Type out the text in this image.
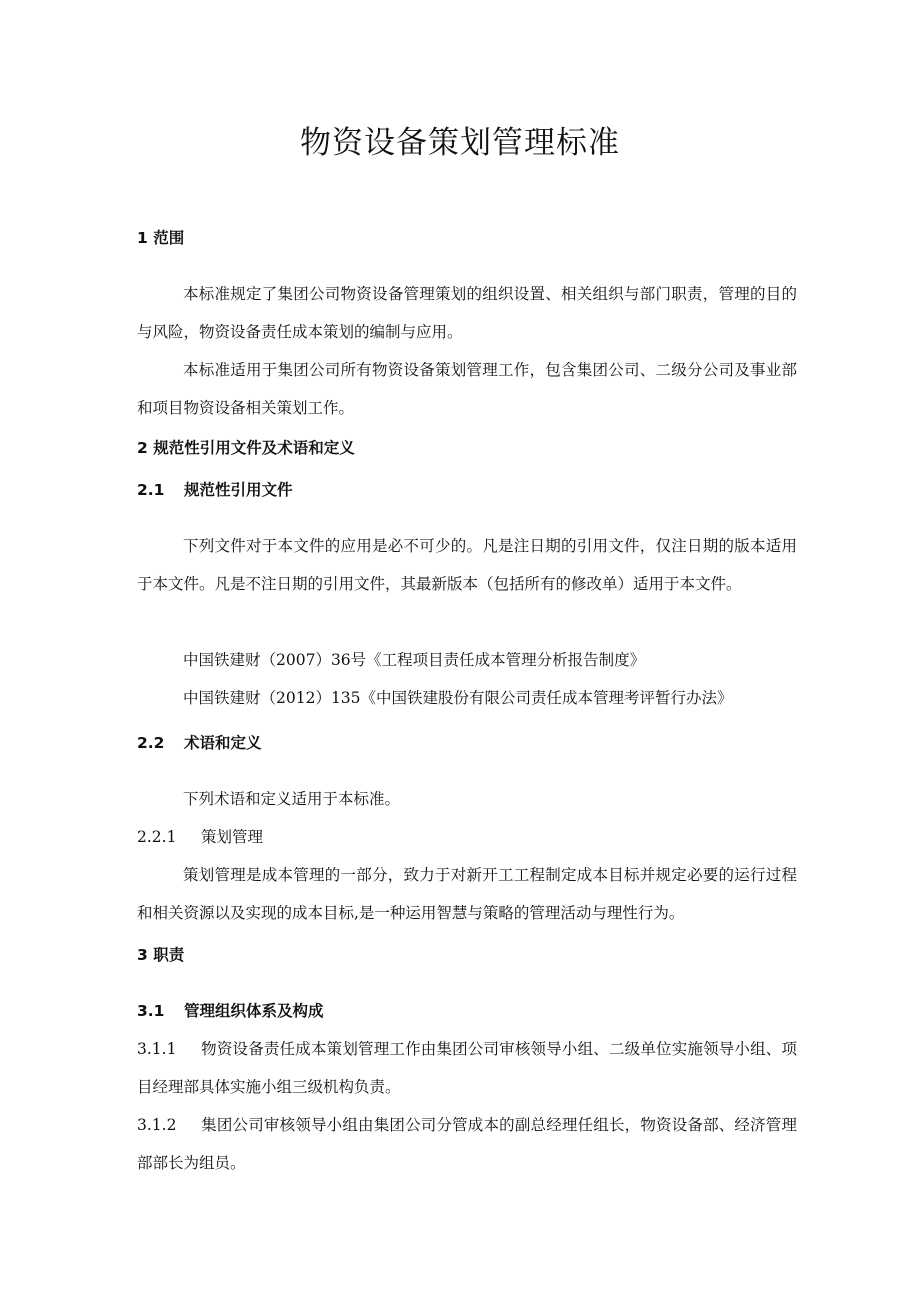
物资设备策划管理标准
1 范围
本标准规定了集团公司物资设备管理策划的组织设置、相关组织与部门职责，管理的目的与风险，物资设备责任成本策划的编制与应用。
本标准适用于集团公司所有物资设备策划管理工作，包含集团公司、二级分公司及事业部和项目物资设备相关策划工作。
2 规范性引用文件及术语和定义
2.1 规范性引用文件
下列文件对于本文件的应用是必不可少的。凡是注日期的引用文件，仅注日期的版本适用于本文件。凡是不注日期的引用文件，其最新版本（包括所有的修改单）适用于本文件。
中国铁建财（2007）36号《工程项目责任成本管理分析报告制度》
中国铁建财（2012）135《中国铁建股份有限公司责任成本管理考评暂行办法》
2.2 术语和定义
下列术语和定义适用于本标准。
2.2.1 策划管理
策划管理是成本管理的一部分，致力于对新开工工程制定成本目标并规定必要的运行过程和相关资源以及实现的成本目标,是一种运用智慧与策略的管理活动与理性行为。
3 职责
3.1 管理组织体系及构成
3.1.1 物资设备责任成本策划管理工作由集团公司审核领导小组、二级单位实施领导小组、项目经理部具体实施小组三级机构负责。
3.1.2 集团公司审核领导小组由集团公司分管成本的副总经理任组长，物资设备部、经济管理部部长为组员。
